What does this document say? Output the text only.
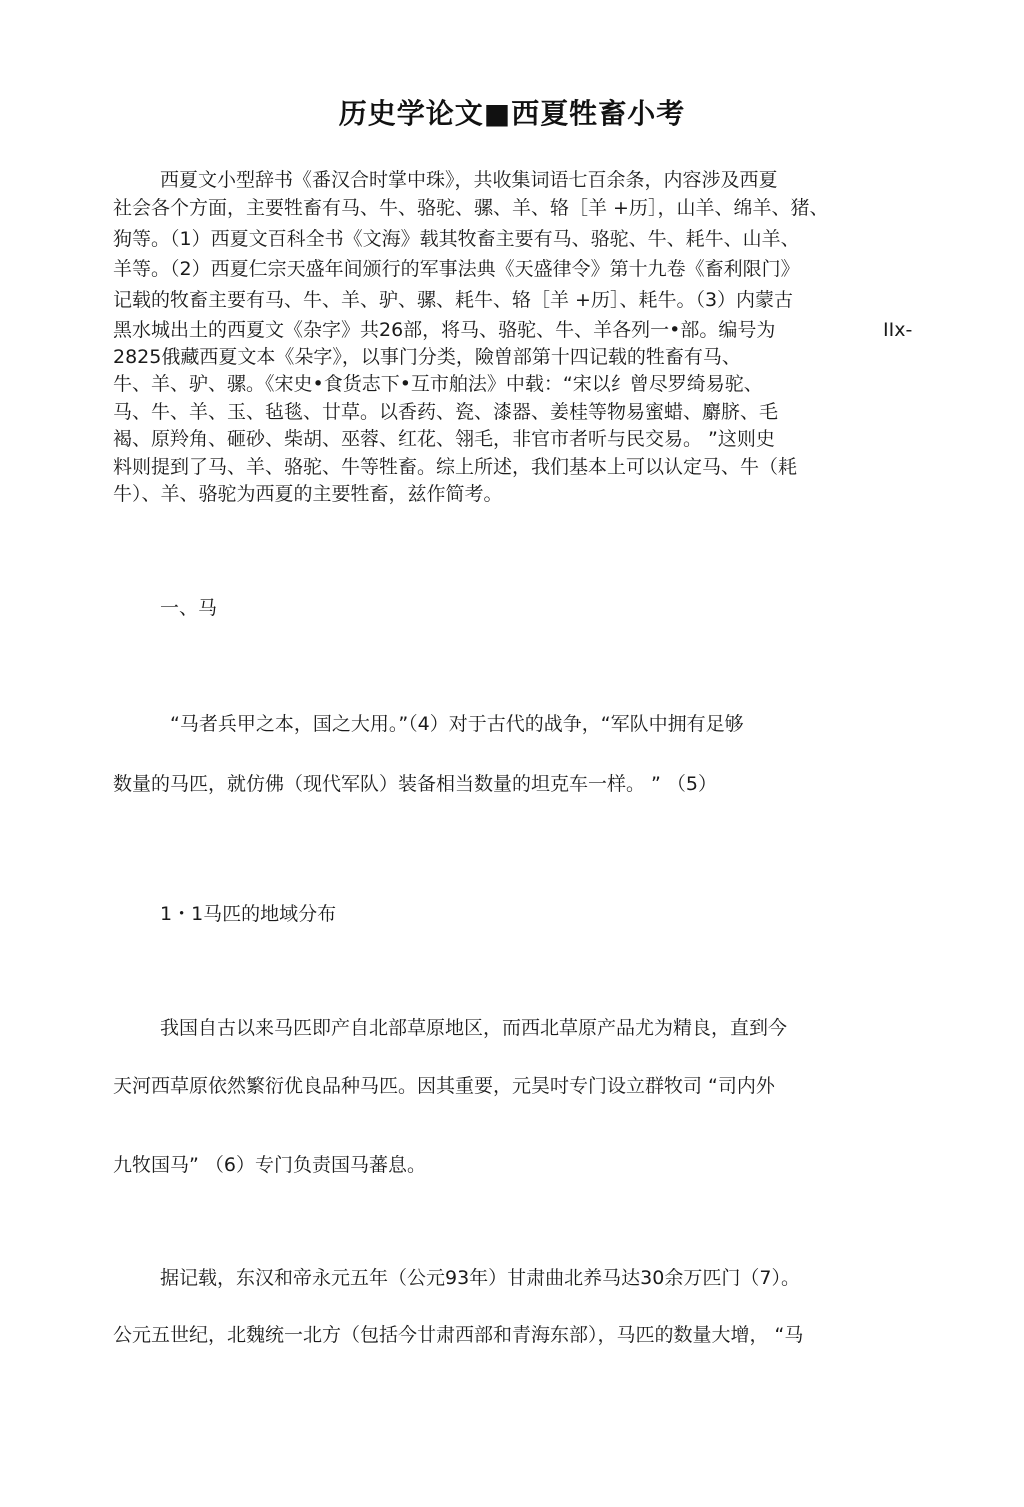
历史学论文■西夏牲畜小考
西夏文小型辞书《番汉合时掌中珠》，共收集词语七百余条，内容涉及西夏
社会各个方面，主要牲畜有马、牛、骆驼、骡、羊、辂［羊 +历］，山羊、绵羊、猪、
狗等。（1）西夏文百科全书《文海》载其牧畜主要有马、骆驼、牛、耗牛、山羊、
羊等。（2）西夏仁宗天盛年间颁行的军事法典《天盛律令》第十九卷《畜利限门》
记载的牧畜主要有马、牛、羊、驴、骡、耗牛、辂［羊 +历］、耗牛。（3）内蒙古
黑水城出土的西夏文《杂字》共26部，将马、骆驼、牛、羊各列一•部。编号为	IIx-
2825俄藏西夏文本《朵字》，以事门分类，險曽部第十四记载的牲畜有马、
牛、羊、驴、骡。《宋史•食货志下•互市舶法》中载：“宋以纟曾尽罗绮易驼、
马、牛、羊、玉、毡毯、廿草。以香药、瓷、漆器、姜桂等物易蜜蜡、麝脐、毛
褐、原羚角、砸砂、柴胡、巫蓉、红花、翎毛，非官市者听与民交易。 ”这则史
料则提到了马、羊、骆驼、牛等牲畜。综上所述，我们基本上可以认定马、牛（耗
牛）、羊、骆驼为西夏的主要牲畜，兹作简考。
一、马
“马者兵甲之本，国之大用。”（4）对于古代的战争，“军队中拥有足够
数量的马匹，就仿佛（现代军队）装备相当数量的坦克车一样。 ” （5）
1・1马匹的地域分布
我国自古以来马匹即产自北部草原地区，而西北草原产品尤为精良，直到今
天河西草原依然繁衍优良品种马匹。因其重要，元昊吋专门设立群牧司 “司内外
九牧国马” （6）专门负责国马蕃息。
据记载，东汉和帝永元五年（公元93年）甘肃曲北养马达30余万匹门（7）。
公元五世纪，北魏统一北方（包括今廿肃西部和青海东部），马匹的数量大增， “马
